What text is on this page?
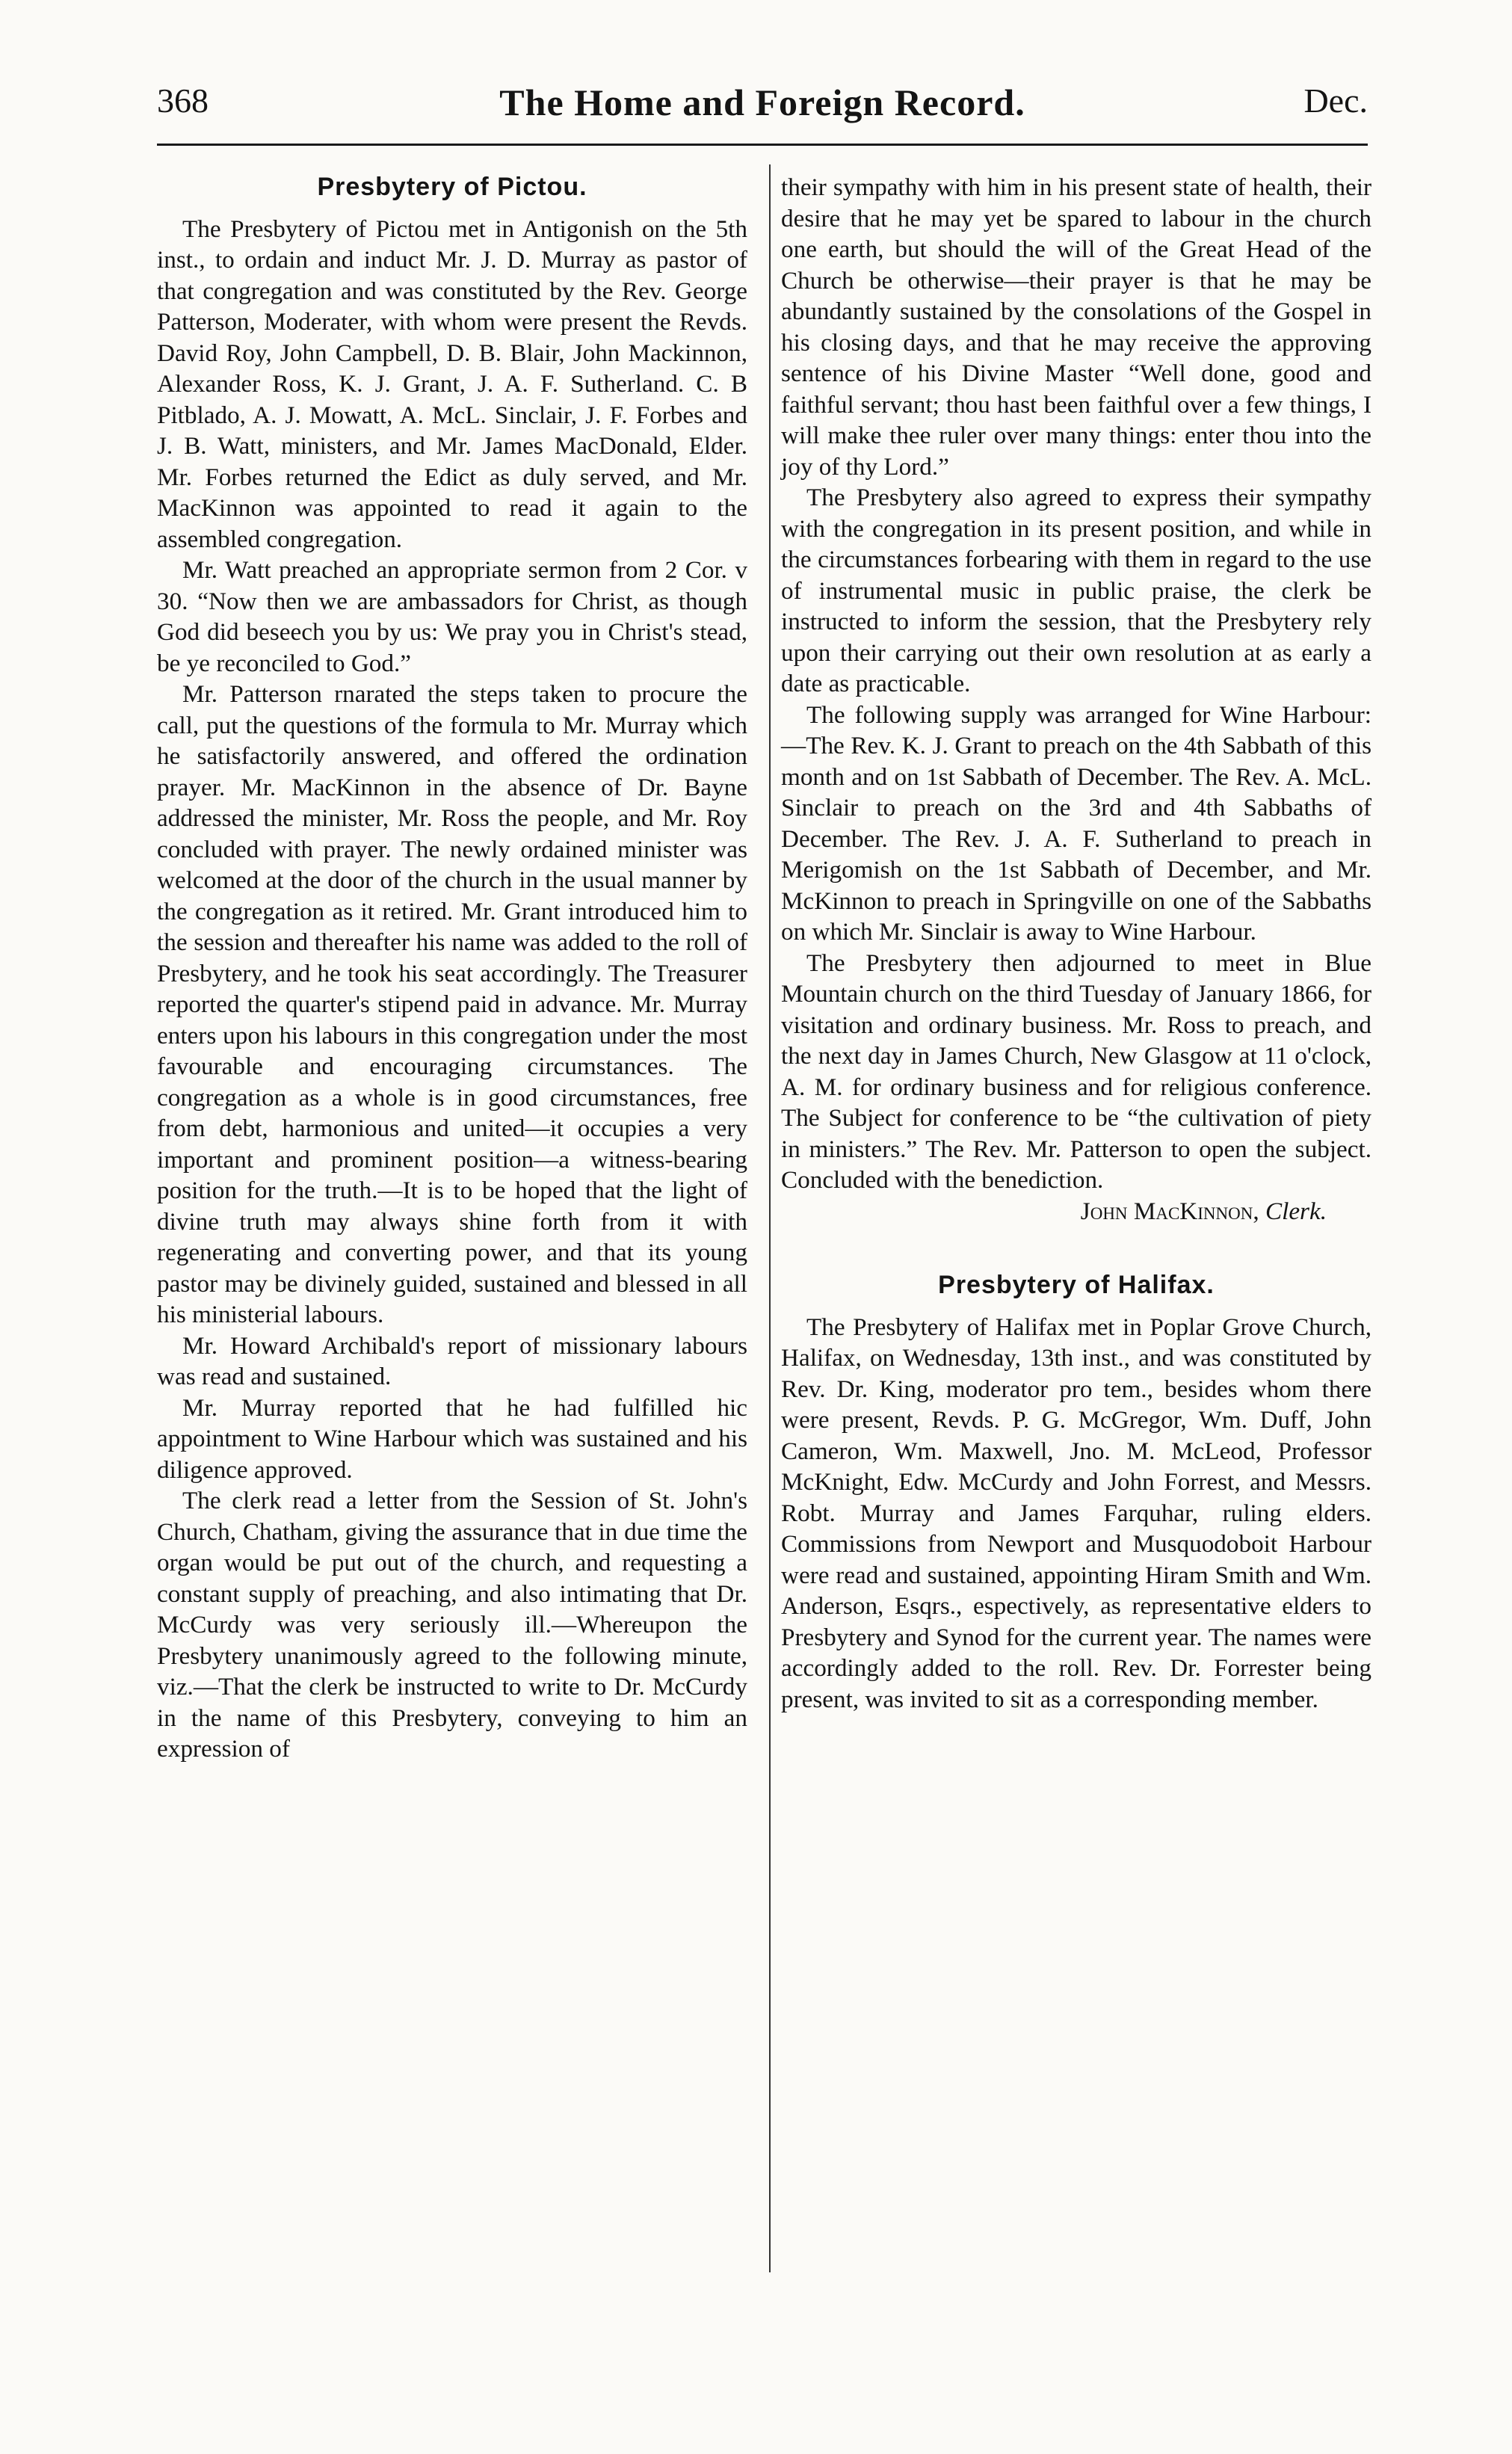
368	The Home and Foreign Record.	Dec.
Presbytery of Pictou.

The Presbytery of Pictou met in Antigonish on the 5th inst., to ordain and induct Mr. J. D. Murray as pastor of that congregation and was constituted by the Rev. George Patterson, Moderater, with whom were present the Revds. David Roy, John Campbell, D. B. Blair, John Mackinnon, Alexander Ross, K. J. Grant, J. A. F. Sutherland. C. B Pitblado, A. J. Mowatt, A. McL. Sinclair, J. F. Forbes and J. B. Watt, ministers, and Mr. James MacDonald, Elder. Mr. Forbes returned the Edict as duly served, and Mr. MacKinnon was appointed to read it again to the assembled congregation.

Mr. Watt preached an appropriate sermon from 2 Cor. v 30. “Now then we are ambassadors for Christ, as though God did beseech you by us: We pray you in Christ's stead, be ye reconciled to God.”

Mr. Patterson rnarated the steps taken to procure the call, put the questions of the formula to Mr. Murray which he satisfactorily answered, and offered the ordination prayer. Mr. MacKinnon in the absence of Dr. Bayne addressed the minister, Mr. Ross the people, and Mr. Roy concluded with prayer. The newly ordained minister was welcomed at the door of the church in the usual manner by the congregation as it retired. Mr. Grant introduced him to the session and thereafter his name was added to the roll of Presbytery, and he took his seat accordingly. The Treasurer reported the quarter's stipend paid in advance. Mr. Murray enters upon his labours in this congregation under the most favourable and encouraging circumstances. The congregation as a whole is in good circumstances, free from debt, harmonious and united—it occupies a very important and prominent position—a witness-bearing position for the truth.—It is to be hoped that the light of divine truth may always shine forth from it with regenerating and converting power, and that its young pastor may be divinely guided, sustained and blessed in all his ministerial labours.

Mr. Howard Archibald's report of missionary labours was read and sustained.

Mr. Murray reported that he had fulfilled hic appointment to Wine Harbour which was sustained and his diligence approved.

The clerk read a letter from the Session of St. John's Church, Chatham, giving the assurance that in due time the organ would be put out of the church, and requesting a constant supply of preaching, and also intimating that Dr. McCurdy was very seriously ill.—Whereupon the Presbytery unanimously agreed to the following minute, viz.—That the clerk be instructed to write to Dr. McCurdy in the name of this Presbytery, conveying to him an expression of

their sympathy with him in his present state of health, their desire that he may yet be spared to labour in the church one earth, but should the will of the Great Head of the Church be otherwise—their prayer is that he may be abundantly sustained by the consolations of the Gospel in his closing days, and that he may receive the approving sentence of his Divine Master “Well done, good and faithful servant; thou hast been faithful over a few things, I will make thee ruler over many things: enter thou into the joy of thy Lord.”

The Presbytery also agreed to express their sympathy with the congregation in its present position, and while in the circumstances forbearing with them in regard to the use of instrumental music in public praise, the clerk be instructed to inform the session, that the Presbytery rely upon their carrying out their own resolution at as early a date as practicable.

The following supply was arranged for Wine Harbour:—The Rev. K. J. Grant to preach on the 4th Sabbath of this month and on 1st Sabbath of December. The Rev. A. McL. Sinclair to preach on the 3rd and 4th Sabbaths of December. The Rev. J. A. F. Sutherland to preach in Merigomish on the 1st Sabbath of December, and Mr. McKinnon to preach in Springville on one of the Sabbaths on which Mr. Sinclair is away to Wine Harbour.

The Presbytery then adjourned to meet in Blue Mountain church on the third Tuesday of January 1866, for visitation and ordinary business. Mr. Ross to preach, and the next day in James Church, New Glasgow at 11 o'clock, A. M. for ordinary business and for religious conference. The Subject for conference to be “the cultivation of piety in ministers.” The Rev. Mr. Patterson to open the subject. Concluded with the benediction.

John MacKinnon, Clerk.
Presbytery of Halifax.

The Presbytery of Halifax met in Poplar Grove Church, Halifax, on Wednesday, 13th inst., and was constituted by Rev. Dr. King, moderator pro tem., besides whom there were present, Revds. P. G. McGregor, Wm. Duff, John Cameron, Wm. Maxwell, Jno. M. McLeod, Professor McKnight, Edw. McCurdy and John Forrest, and Messrs. Robt. Murray and James Farquhar, ruling elders. Commissions from Newport and Musquodoboit Harbour were read and sustained, appointing Hiram Smith and Wm. Anderson, Esqrs., espectively, as representative elders to Presbytery and Synod for the current year. The names were accordingly added to the roll. Rev. Dr. Forrester being present, was invited to sit as a corresponding member.
